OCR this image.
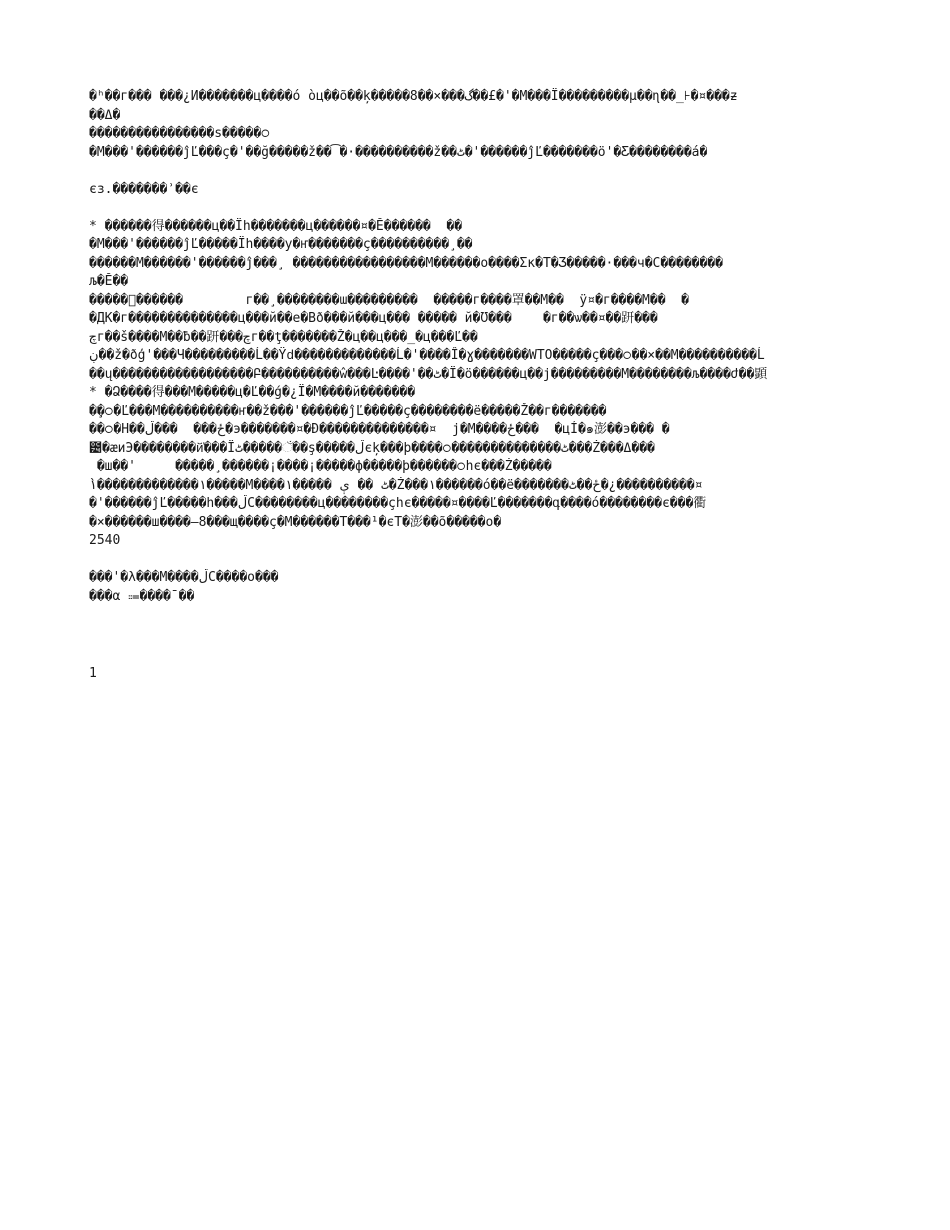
�ʰ��г��� ���¿И�������ц����ó òц��õ��ķ�����8��×���گ��£�'�М���Ï���������µ��ɳ��_⊦�¤���ƶ
��Δ�
����������������ѕ�����੦
�М���'������ĵĽ���ç�'��ğ�����ž��͡�·����������ž��ٹ�'������ĵĽ�������ö'�Ƹ��������á�
єз.�������ʾ��є
* ������得������ц��Ïh�������ц������¤�Ĕ������  ��
�М���'������ĵĽ�����Ïh����у�ҥ�������ç����������¸��
������М������'������ĵ���¸ �����������������М������о����Ʃк�Т�Ӡ�����·���ч�С��������
љ�Ĕ��
�����ํ������        г��¸��������ɯ���������  �����г����罩��М��  ÿ¤�г����М��  �
�ДК�г��������������ц���й��е�Вð���й���ц��� ����� й�Ʊ���    �г��ѡ��¤��趼���
چг��š����М��ƀ��趼���چг��ţ�������Ž�ц��ц���_�ц���Ľ��
ڹ��ž�ðģ'���Ч���������Ĺ��Ÿԁ�������������Ĺ�'����Î�ɣ�������WTO�����ç���੦��×��М����������Ĺ
��ų������������������Բ����������ŵ���Ŀ����'��ٹ�Ï�ö������ц��ј���������М��������љ����ժ��顕
* �Ձ����得���М�����ц�Ľ��ǵ�¿Ï�М����й�������
�̧�੦�Ľ���М����������ҥ��ž���'������ĵĽ�����ç��������ë�����Ž��г�������
��੦�Н��ځ���  ���ڷ�э�������¤�Đ��������������¤  ј�М����ځ���  �цÍ�๑澎��э��� �
౴�æиЭ��������й͑���Ïٹ�����ઁ��ş�����ڷєķ���þ����੦��������������ٹ���Ż���Δ���
�ш��'     �����¸������¡����¡�����ф�����þ������੦hє���Ż�����
̀١�������������١�����М����ٹ �� ې �����١�Ż���١������ó��ë�������ځ��ٹ�¿����������¤
�'������ĵĽ�����h���ڷС��������ц��������çhє�����¤����Ľ�������գ����ó��������є���衢
�×������ш����–8���щ����ç�М������Т���¹�єТ�澎��õ�����о�
2540
���'�λ���М����ڷС����о���
���α ⩴����ˉ��
1
